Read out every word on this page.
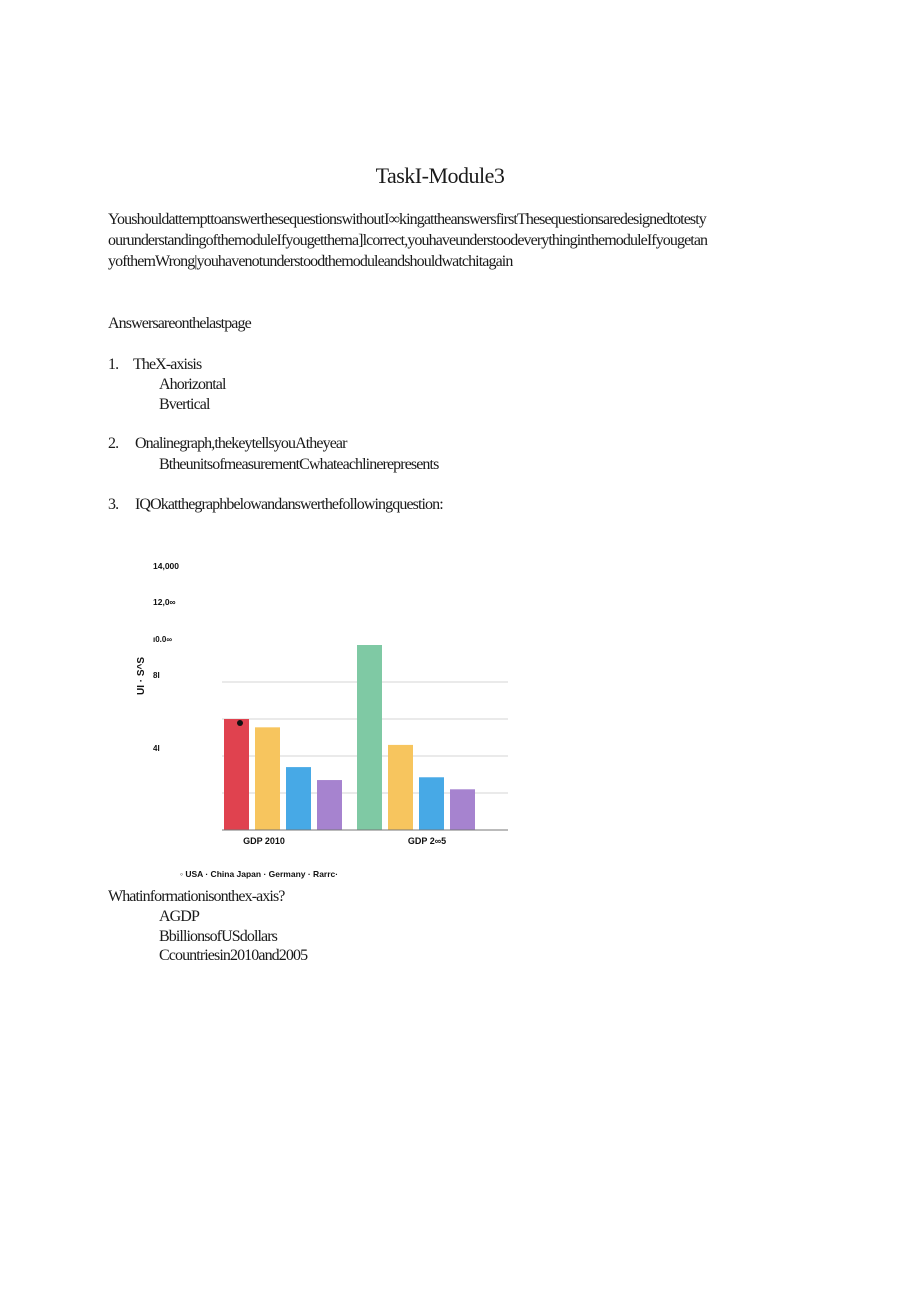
TaskI-Module3
YoushouldattempttoanswerthesequestionswithoutI∞kingattheanswersfirstThesequestionsaredesignedtotestyourunderstandingofthemoduleIfyougetthema]lcorrect,youhaveunderstoodeverythinginthemoduleIfyougetanyofthemWrong|youhavenotunderstoodthemoduleandshouldwatchitagain
Answersareonthelastpage
1. TheX-axisis
Ahorizontal
Bvertical
2. Onalinegraph,thekeytellsyouAtheyear
BtheunitsofmeasurementCwhateachlinerepresents
3. IQOkatthegraphbelowandanswerthefollowingquestion:
14,000
12,0∞
ı0.0∞
8I
4I
UI · S^S
GDP 2010	GDP 2∞5
◦ USA · China Japan · Germany · Rarrc·
Whatinformationisonthex-axis?
AGDP
BbillionsofUSdollars
Ccountriesin2010and2005
